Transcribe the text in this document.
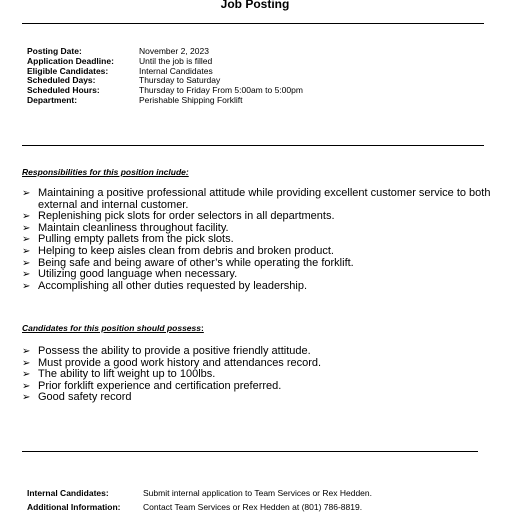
Job Posting
Posting Date:	November 2, 2023
Application Deadline:	Until the job is filled
Eligible Candidates:	Internal Candidates
Scheduled Days:	Thursday to Saturday
Scheduled Hours:	Thursday to Friday From 5:00am to 5:00pm
Department:	Perishable Shipping Forklift
Responsibilities for this position include:
➢ Maintaining a positive professional attitude while providing excellent customer service to both external and internal customer.
➢ Replenishing pick slots for order selectors in all departments.
➢ Maintain cleanliness throughout facility.
➢ Pulling empty pallets from the pick slots.
➢ Helping to keep aisles clean from debris and broken product.
➢ Being safe and being aware of other’s while operating the forklift.
➢ Utilizing good language when necessary.
➢ Accomplishing all other duties requested by leadership.
Candidates for this position should possess:
➢ Possess the ability to provide a positive friendly attitude.
➢ Must provide a good work history and attendances record.
➢ The ability to lift weight up to 100lbs.
➢ Prior forklift experience and certification preferred.
➢ Good safety record
Internal Candidates:	Submit internal application to Team Services or Rex Hedden.
Additional Information:	Contact Team Services or Rex Hedden at (801) 786-8819.
